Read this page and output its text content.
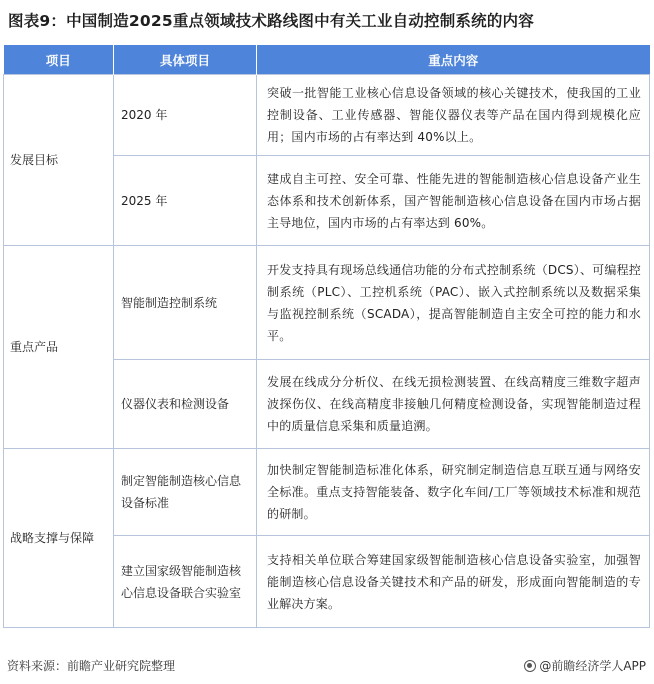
图表9：中国制造2025重点领域技术路线图中有关工业自动控制系统的内容
项目	具体项目	重点内容
发展目标	2020 年	突破一批智能工业核心信息设备领域的核心关键技术，使我国的工业控制设备、工业传感器、智能仪器仪表等产品在国内得到规模化应用；国内市场的占有率达到 40%以上。
	2025 年	建成自主可控、安全可靠、性能先进的智能制造核心信息设备产业生态体系和技术创新体系，国产智能制造核心信息设备在国内市场占据主导地位，国内市场的占有率达到 60%。
重点产品	智能制造控制系统	开发支持具有现场总线通信功能的分布式控制系统（DCS）、可编程控制系统（PLC）、工控机系统（PAC）、嵌入式控制系统以及数据采集与监视控制系统（SCADA），提高智能制造自主安全可控的能力和水平。
	仪器仪表和检测设备	发展在线成分分析仪、在线无损检测装置、在线高精度三维数字超声波探伤仪、在线高精度非接触几何精度检测设备，实现智能制造过程中的质量信息采集和质量追溯。
战略支撑与保障	制定智能制造核心信息设备标准	加快制定智能制造标准化体系，研究制定制造信息互联互通与网络安全标准。重点支持智能装备、数字化车间/工厂等领域技术标准和规范的研制。
	建立国家级智能制造核心信息设备联合实验室	支持相关单位联合筹建国家级智能制造核心信息设备实验室，加强智能制造核心信息设备关键技术和产品的研发，形成面向智能制造的专业解决方案。
资料来源：前瞻产业研究院整理	@前瞻经济学人APP
